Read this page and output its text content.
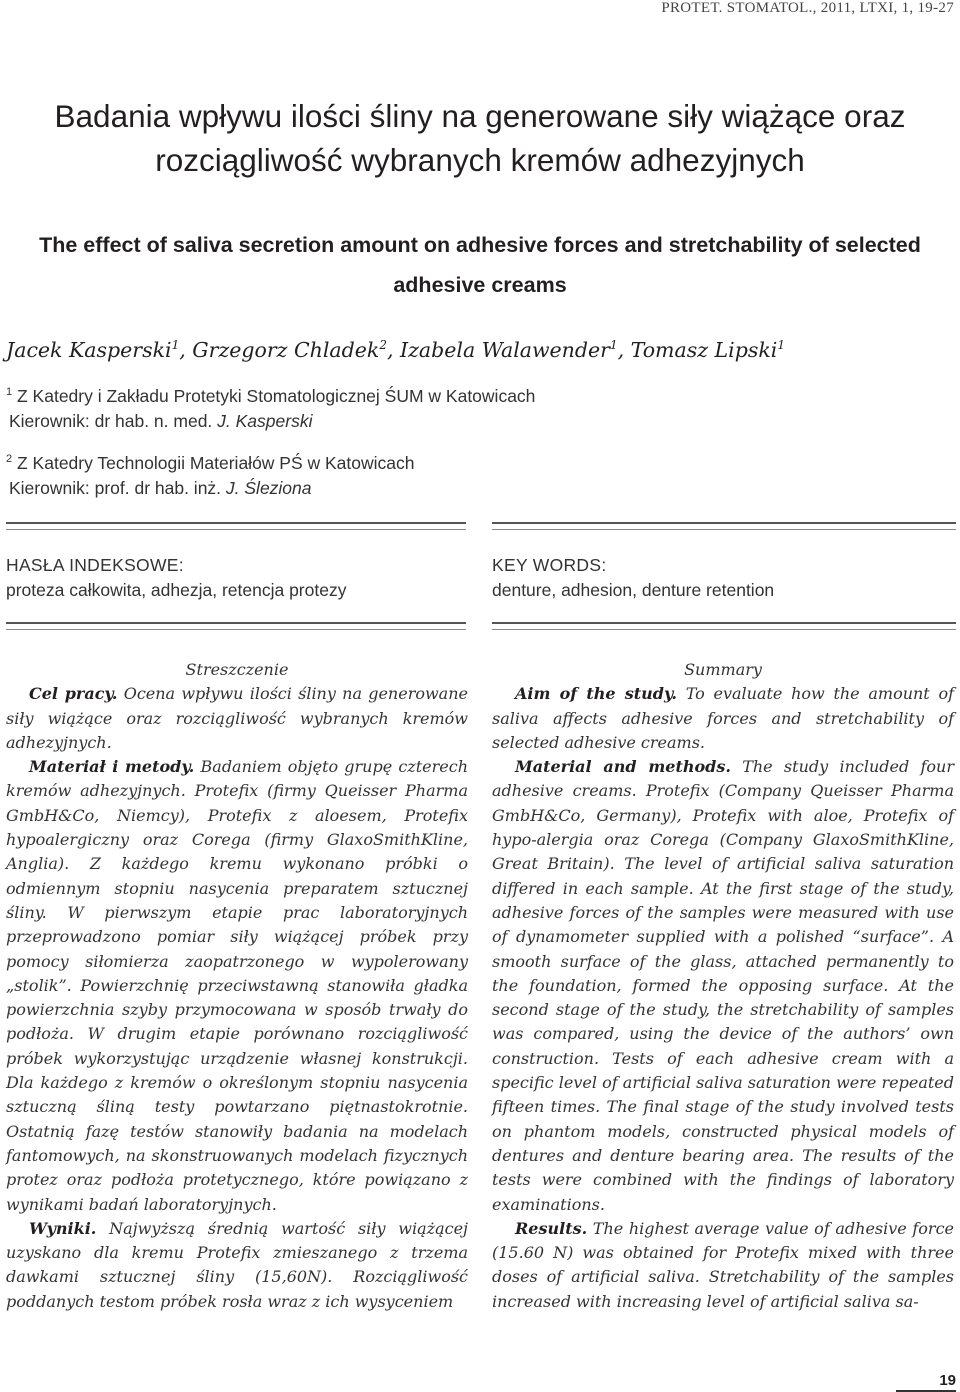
PROTET. STOMATOL., 2011, LTXI, 1, 19-27

Badania wpływu ilości śliny na generowane siły wiążące oraz rozciągliwość wybranych kremów adhezyjnych
The effect of saliva secretion amount on adhesive forces and stretchability of selected adhesive creams

Jacek Kasperski$^1$, Grzegorz Chladek$^2$, Izabela Walawender$^1$, Tomasz Lipski$^1$

$^1$ Z Katedry i Zakładu Protetyki Stomatologicznej ŚUM w Katowicach
Kierownik: dr hab. n. med. J. Kasperski
$^2$ Z Katedry Technologii Materiałów PŚ w Katowicach
Kierownik: prof. dr hab. inż. J. Śleziona
HASŁA INDEKSOWE:
proteza całkowita, adhezja, retencja protezy
KEY WORDS:
denture, adhesion, denture retention

Streszczenie

Cel pracy. Ocena wpływu ilości śliny na generowane siły wiążące oraz rozciągliwość wybranych kremów adhezyjnych.

Materiał i metody. Badaniem objęto grupę czterech kremów adhezyjnych. Protefix (firmy Queisser Pharma GmbH&Co, Niemcy), Protefix z aloesem, Protefix hypoalergiczny oraz Corega (firmy GlaxoSmithKline, Anglia). Z każdego kremu wykonano próbki o odmiennym stopniu nasycenia preparatem sztucznej śliny. W pierwszym etapie prac laboratoryjnych przeprowadzono pomiar siły wiążącej próbek przy pomocy siłomierza zaopatrzonego w wypolerowany „stolik”. Powierzchnię przeciwstawną stanowiła gładka powierzchnia szyby przymocowana w sposób trwały do podłoża. W drugim etapie porównano rozciągliwość próbek wykorzystując urządzenie własnej konstrukcji. Dla każdego z kremów o określonym stopniu nasycenia sztuczną śliną testy powtarzano piętnastokrotnie. Ostatnią fazę testów stanowiły badania na modelach fantomowych, na skonstruowanych modelach fizycznych protez oraz podłoża protetycznego, które powiązano z wynikami badań laboratoryjnych.

Wyniki. Najwyższą średnią wartość siły wiążącej uzyskano dla kremu Protefix zmieszanego z trzema dawkami sztucznej śliny (15,60N). Rozciągliwość poddanych testom próbek rosła wraz z ich wysyceniem

Summary

Aim of the study. To evaluate how the amount of saliva affects adhesive forces and stretchability of selected adhesive creams.

Material and methods. The study included four adhesive creams. Protefix (Company Queisser Pharma GmbH&Co, Germany), Protefix with aloe, Protefix of hypo-alergia oraz Corega (Company GlaxoSmithKline, Great Britain). The level of artificial saliva saturation differed in each sample. At the first stage of the study, adhesive forces of the samples were measured with use of dynamometer supplied with a polished “surface”. A smooth surface of the glass, attached permanently to the foundation, formed the opposing surface. At the second stage of the study, the stretchability of samples was compared, using the device of the authors’ own construction. Tests of each adhesive cream with a specific level of artificial saliva saturation were repeated fifteen times. The final stage of the study involved tests on phantom models, constructed physical models of dentures and denture bearing area. The results of the tests were combined with the findings of laboratory examinations.

Results. The highest average value of adhesive force (15.60 N) was obtained for Protefix mixed with three doses of artificial saliva. Stretchability of the samples increased with increasing level of artificial saliva sa-

19
